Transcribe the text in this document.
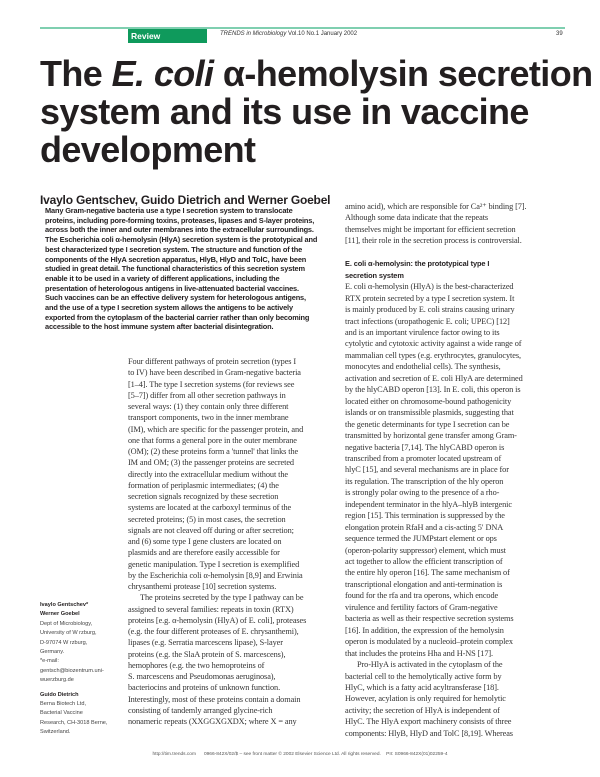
Review	TRENDS in Microbiology Vol.10 No.1 January 2002	39
The E. coli α-hemolysin secretion
system and its use in vaccine
development
Ivaylo Gentschev, Guido Dietrich and Werner Goebel
Many Gram-negative bacteria use a type I secretion system to translocate
proteins, including pore-forming toxins, proteases, lipases and S-layer proteins,
across both the inner and outer membranes into the extracellular surroundings.
The Escherichia coli α-hemolysin (HlyA) secretion system is the prototypical and
best characterized type I secretion system. The structure and function of the
components of the HlyA secretion apparatus, HlyB, HlyD and TolC, have been
studied in great detail. The functional characteristics of this secretion system
enable it to be used in a variety of different applications, including the
presentation of heterologous antigens in live-attenuated bacterial vaccines.
Such vaccines can be an effective delivery system for heterologous antigens,
and the use of a type I secretion system allows the antigens to be actively
exported from the cytoplasm of the bacterial carrier rather than only becoming
accessible to the host immune system after bacterial disintegration.
Four different pathways of protein secretion (types I
to IV) have been described in Gram-negative bacteria
[1–4]. The type I secretion systems (for reviews see
[5–7]) differ from all other secretion pathways in
several ways: (1) they contain only three different
transport components, two in the inner membrane
(IM), which are specific for the passenger protein, and
one that forms a general pore in the outer membrane
(OM); (2) these proteins form a 'tunnel' that links the
IM and OM; (3) the passenger proteins are secreted
directly into the extracellular medium without the
formation of periplasmic intermediates; (4) the
secretion signals recognized by these secretion
systems are located at the carboxyl terminus of the
secreted proteins; (5) in most cases, the secretion
signals are not cleaved off during or after secretion;
and (6) some type I gene clusters are located on
plasmids and are therefore easily accessible for
genetic manipulation. Type I secretion is exemplified
by the Escherichia coli α-hemolysin [8,9] and Erwinia
chrysanthemi protease [10] secretion systems.
The proteins secreted by the type I pathway can be
assigned to several families: repeats in toxin (RTX)
proteins [e.g. α-hemolysin (HlyA) of E. coli], proteases
(e.g. the four different proteases of E. chrysanthemi),
lipases (e.g. Serratia marcescens lipase), S-layer
proteins (e.g. the SlaA protein of S. marcescens),
hemophores (e.g. the two hemoproteins of
S. marcescens and Pseudomonas aeruginosa),
bacteriocins and proteins of unknown function.
Interestingly, most of these proteins contain a domain
consisting of tandemly arranged glycine-rich
nonameric repeats (XXGGXGXDX; where X = any
amino acid), which are responsible for Ca²⁺ binding [7].
Although some data indicate that the repeats
themselves might be important for efficient secretion
[11], their role in the secretion process is controversial.
E. coli α-hemolysin: the prototypical type I
secretion system
E. coli α-hemolysin (HlyA) is the best-characterized
RTX protein secreted by a type I secretion system. It
is mainly produced by E. coli strains causing urinary
tract infections (uropathogenic E. coli; UPEC) [12]
and is an important virulence factor owing to its
cytolytic and cytotoxic activity against a wide range of
mammalian cell types (e.g. erythrocytes, granulocytes,
monocytes and endothelial cells). The synthesis,
activation and secretion of E. coli HlyA are determined
by the hlyCABD operon [13]. In E. coli, this operon is
located either on chromosome-bound pathogenicity
islands or on transmissible plasmids, suggesting that
the genetic determinants for type I secretion can be
transmitted by horizontal gene transfer among Gram-
negative bacteria [7,14]. The hlyCABD operon is
transcribed from a promoter located upstream of
hlyC [15], and several mechanisms are in place for
its regulation. The transcription of the hly operon
is strongly polar owing to the presence of a rho-
independent terminator in the hlyA–hlyB intergenic
region [15]. This termination is suppressed by the
elongation protein RfaH and a cis-acting 5′ DNA
sequence termed the JUMPstart element or ops
(operon-polarity suppressor) element, which must
act together to allow the efficient transcription of
the entire hly operon [16]. The same mechanism of
transcriptional elongation and anti-termination is
found for the rfa and tra operons, which encode
virulence and fertility factors of Gram-negative
bacteria as well as their respective secretion systems
[16]. In addition, the expression of the hemolysin
operon is modulated by a nucleoid–protein complex
that includes the proteins Hha and H-NS [17].
Pro-HlyA is activated in the cytoplasm of the
bacterial cell to the hemolytically active form by
HlyC, which is a fatty acid acyltransferase [18].
However, acylation is only required for hemolytic
activity; the secretion of HlyA is independent of
HlyC. The HlyA export machinery consists of three
components: HlyB, HlyD and TolC [8,19]. Whereas
Ivaylo Gentschev*
Werner Goebel
Dept of Microbiology,
University of W rzburg,
D-97074 W rzburg,
Germany.
*e-mail:
gentsch@biozentrum.uni-
wuerzburg.de
Guido Dietrich
Berna Biotech Ltd,
Bacterial Vaccine
Research, CH-3018 Berne,
Switzerland.
http://tim.trends.com      0966-842X/02/$ – see front matter © 2002 Elsevier Science Ltd. All rights reserved.    PII: S0966-842X(01)02259-4
